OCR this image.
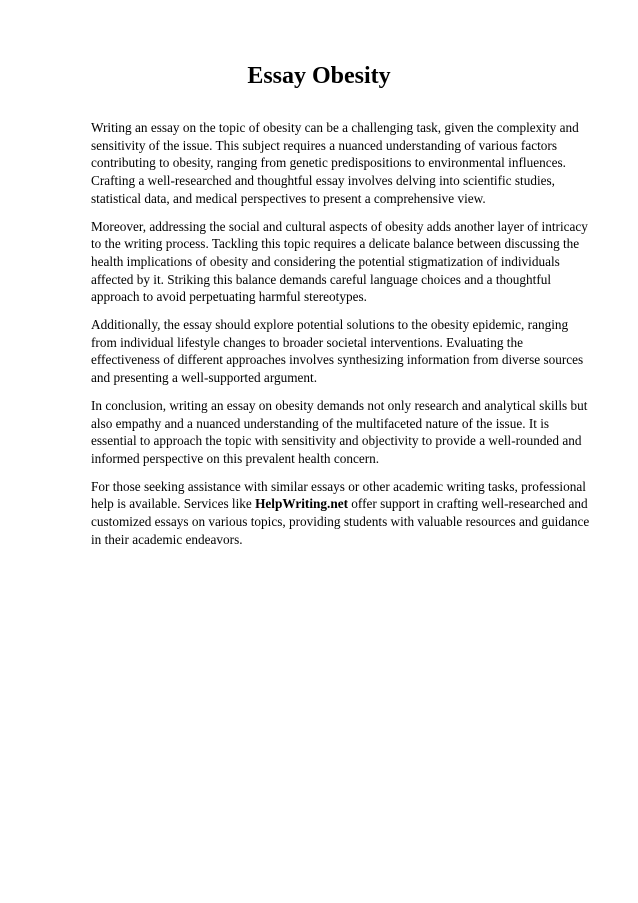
Essay Obesity

Writing an essay on the topic of obesity can be a challenging task, given the complexity and sensitivity of the issue. This subject requires a nuanced understanding of various factors contributing to obesity, ranging from genetic predispositions to environmental influences. Crafting a well-researched and thoughtful essay involves delving into scientific studies, statistical data, and medical perspectives to present a comprehensive view.

Moreover, addressing the social and cultural aspects of obesity adds another layer of intricacy to the writing process. Tackling this topic requires a delicate balance between discussing the health implications of obesity and considering the potential stigmatization of individuals affected by it. Striking this balance demands careful language choices and a thoughtful approach to avoid perpetuating harmful stereotypes.

Additionally, the essay should explore potential solutions to the obesity epidemic, ranging from individual lifestyle changes to broader societal interventions. Evaluating the effectiveness of different approaches involves synthesizing information from diverse sources and presenting a well-supported argument.

In conclusion, writing an essay on obesity demands not only research and analytical skills but also empathy and a nuanced understanding of the multifaceted nature of the issue. It is essential to approach the topic with sensitivity and objectivity to provide a well-rounded and informed perspective on this prevalent health concern.

For those seeking assistance with similar essays or other academic writing tasks, professional help is available. Services like HelpWriting.net offer support in crafting well-researched and customized essays on various topics, providing students with valuable resources and guidance in their academic endeavors.
